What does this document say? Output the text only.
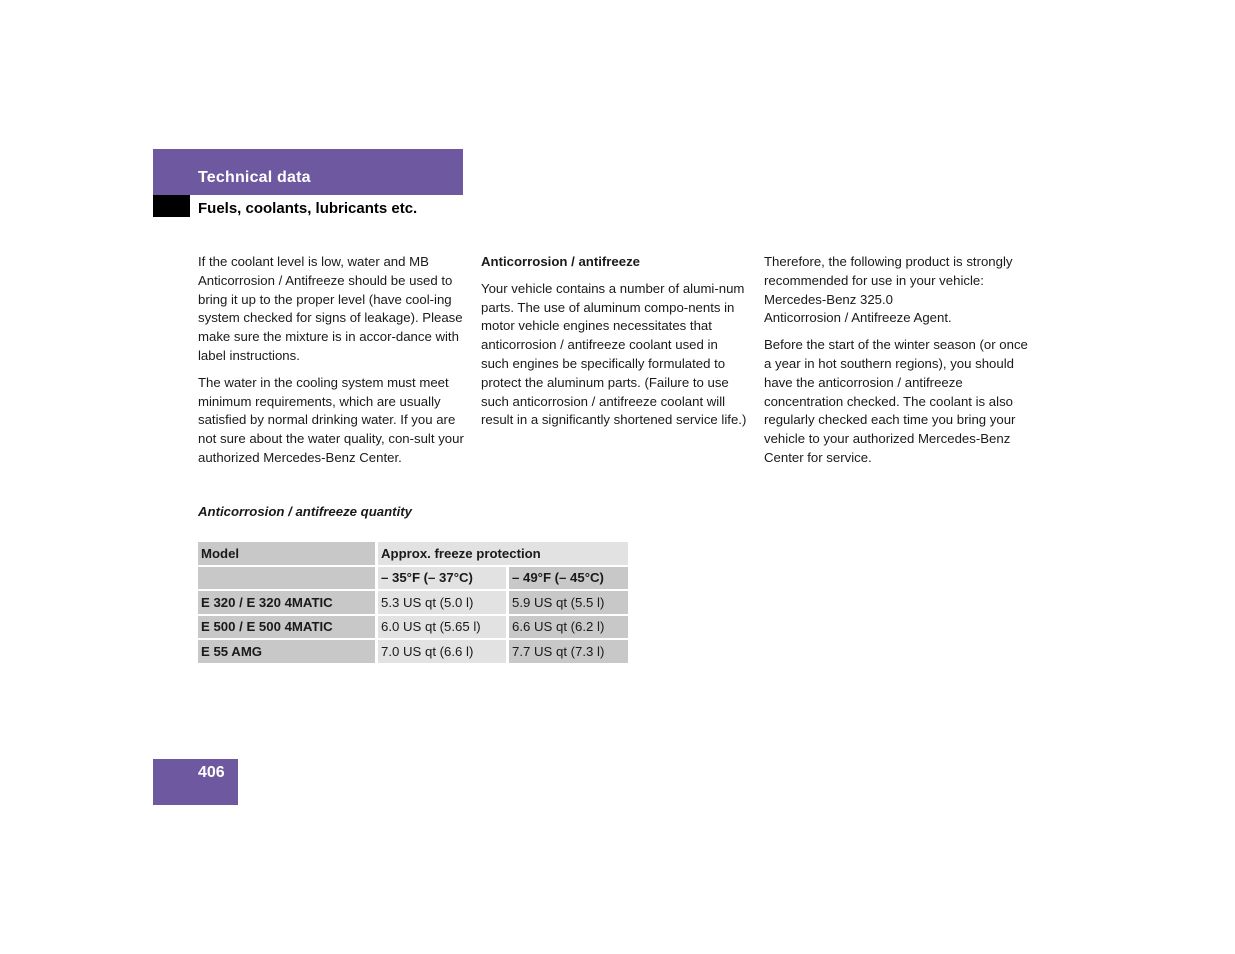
Technical data
Fuels, coolants, lubricants etc.

If the coolant level is low, water and MB Anticorrosion / Antifreeze should be used to bring it up to the proper level (have cool-ing system checked for signs of leakage). Please make sure the mixture is in accor-dance with label instructions.

The water in the cooling system must meet minimum requirements, which are usually satisfied by normal drinking water. If you are not sure about the water quality, con-sult your authorized Mercedes-Benz Center.

Anticorrosion / antifreeze

Your vehicle contains a number of alumi-num parts. The use of aluminum compo-nents in motor vehicle engines necessitates that anticorrosion / antifreeze coolant used in such engines be specifically formulated to protect the aluminum parts. (Failure to use such anticorrosion / antifreeze coolant will result in a significantly shortened service life.)

Therefore, the following product is strongly recommended for use in your vehicle:
Mercedes-Benz 325.0
Anticorrosion / Antifreeze Agent.

Before the start of the winter season (or once a year in hot southern regions), you should have the anticorrosion / antifreeze concentration checked. The coolant is also regularly checked each time you bring your vehicle to your authorized Mercedes-Benz Center for service.

Anticorrosion / antifreeze quantity
Model	Approx. freeze protection	
	– 35°F (– 37°C)	– 49°F (– 45°C)
E 320 / E 320 4MATIC	5.3 US qt (5.0 l)	5.9 US qt (5.5 l)
E 500 / E 500 4MATIC	6.0 US qt (5.65 l)	6.6 US qt (6.2 l)
E 55 AMG	7.0 US qt (6.6 l)	7.7 US qt (7.3 l)
406
